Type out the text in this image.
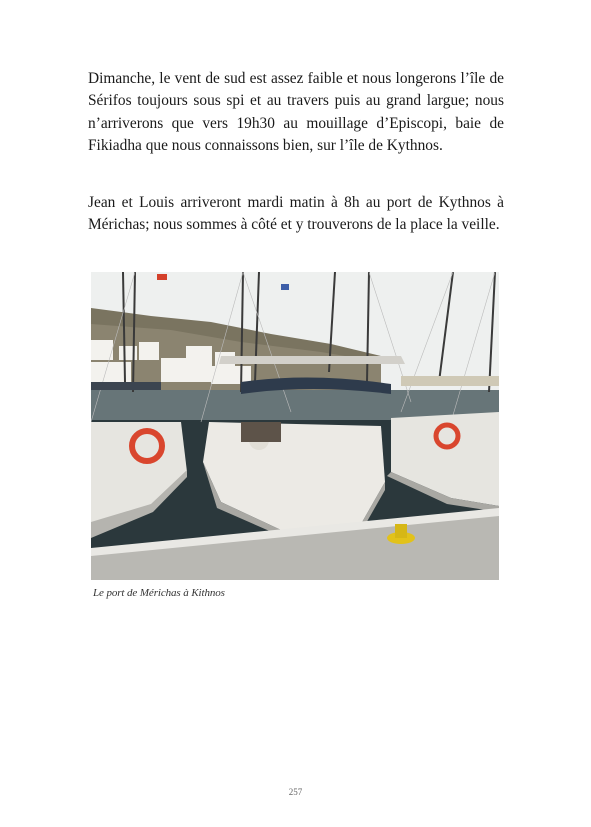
Dimanche, le vent de sud est assez faible et nous longerons l’île de Sérifos toujours sous spi et au travers puis au grand largue; nous n’arriverons que vers 19h30 au mouillage d’Episcopi, baie de Fikiadha que nous connaissons bien, sur l’île de Kythnos.

Jean et Louis arriveront mardi matin à 8h au port de Kythnos à Mérichas; nous sommes à côté et y trouverons de la place la veille.

Le port de Mérichas à Kithnos
257
